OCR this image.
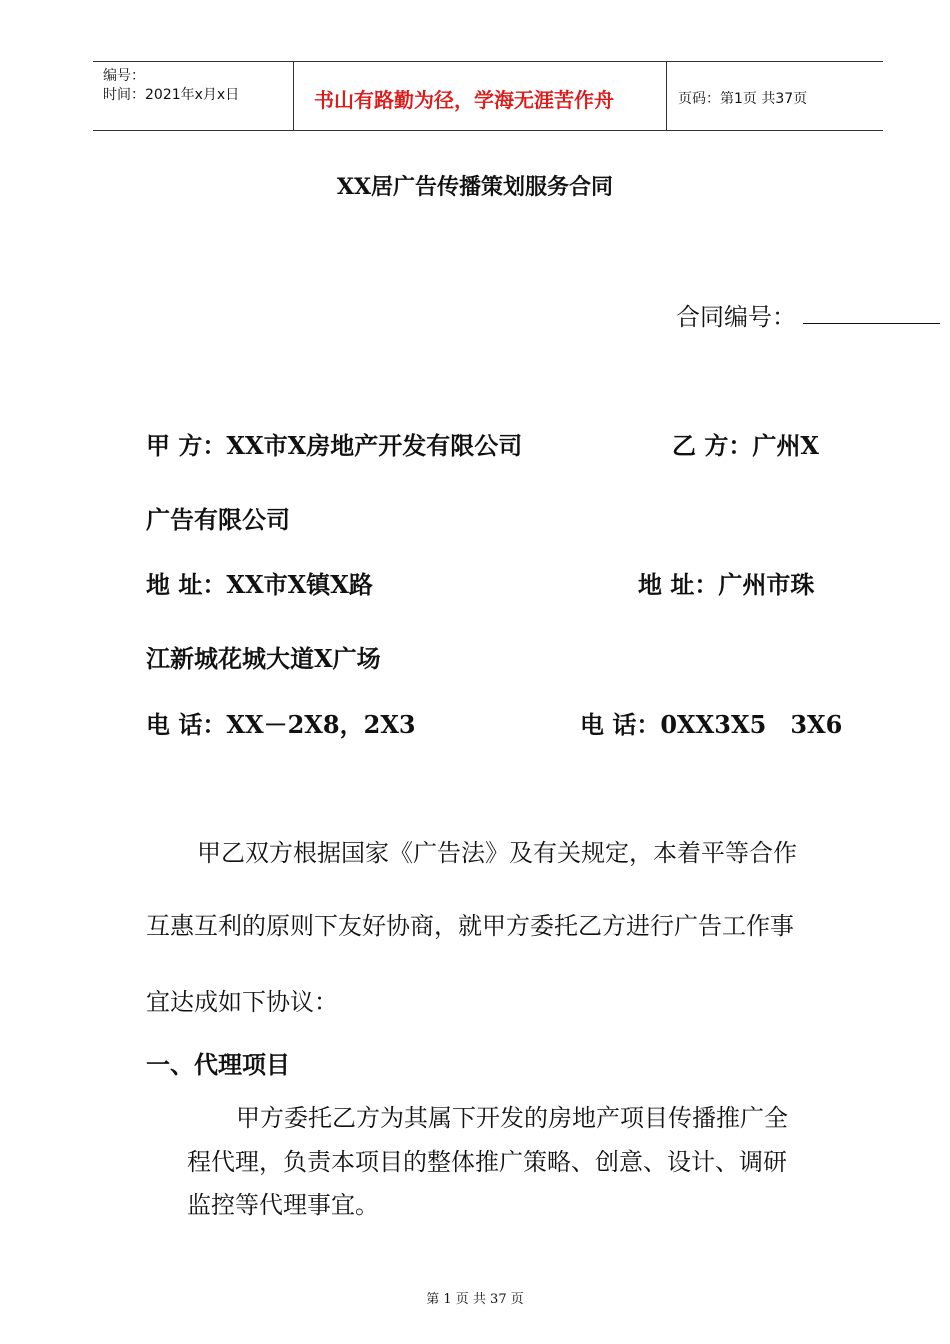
编号：
时间：2021年x月x日	书山有路勤为径，学海无涯苦作舟	页码：第1页 共37页
XX居广告传播策划服务合同
合同编号：
甲 方：XX市X房地产开发有限公司	乙 方：广州X
广告有限公司
地 址：XX市X镇X路	地 址：广州市珠
江新城花城大道X广场
电 话：XX－2X8，2X3	电 话：0XX3X5　3X6
甲乙双方根据国家《广告法》及有关规定，本着平等合作
互惠互利的原则下友好协商，就甲方委托乙方进行广告工作事
宜达成如下协议：
一、代理项目
甲方委托乙方为其属下开发的房地产项目传播推广全
程代理，负责本项目的整体推广策略、创意、设计、调研
监控等代理事宜。
第 1 页 共 37 页
